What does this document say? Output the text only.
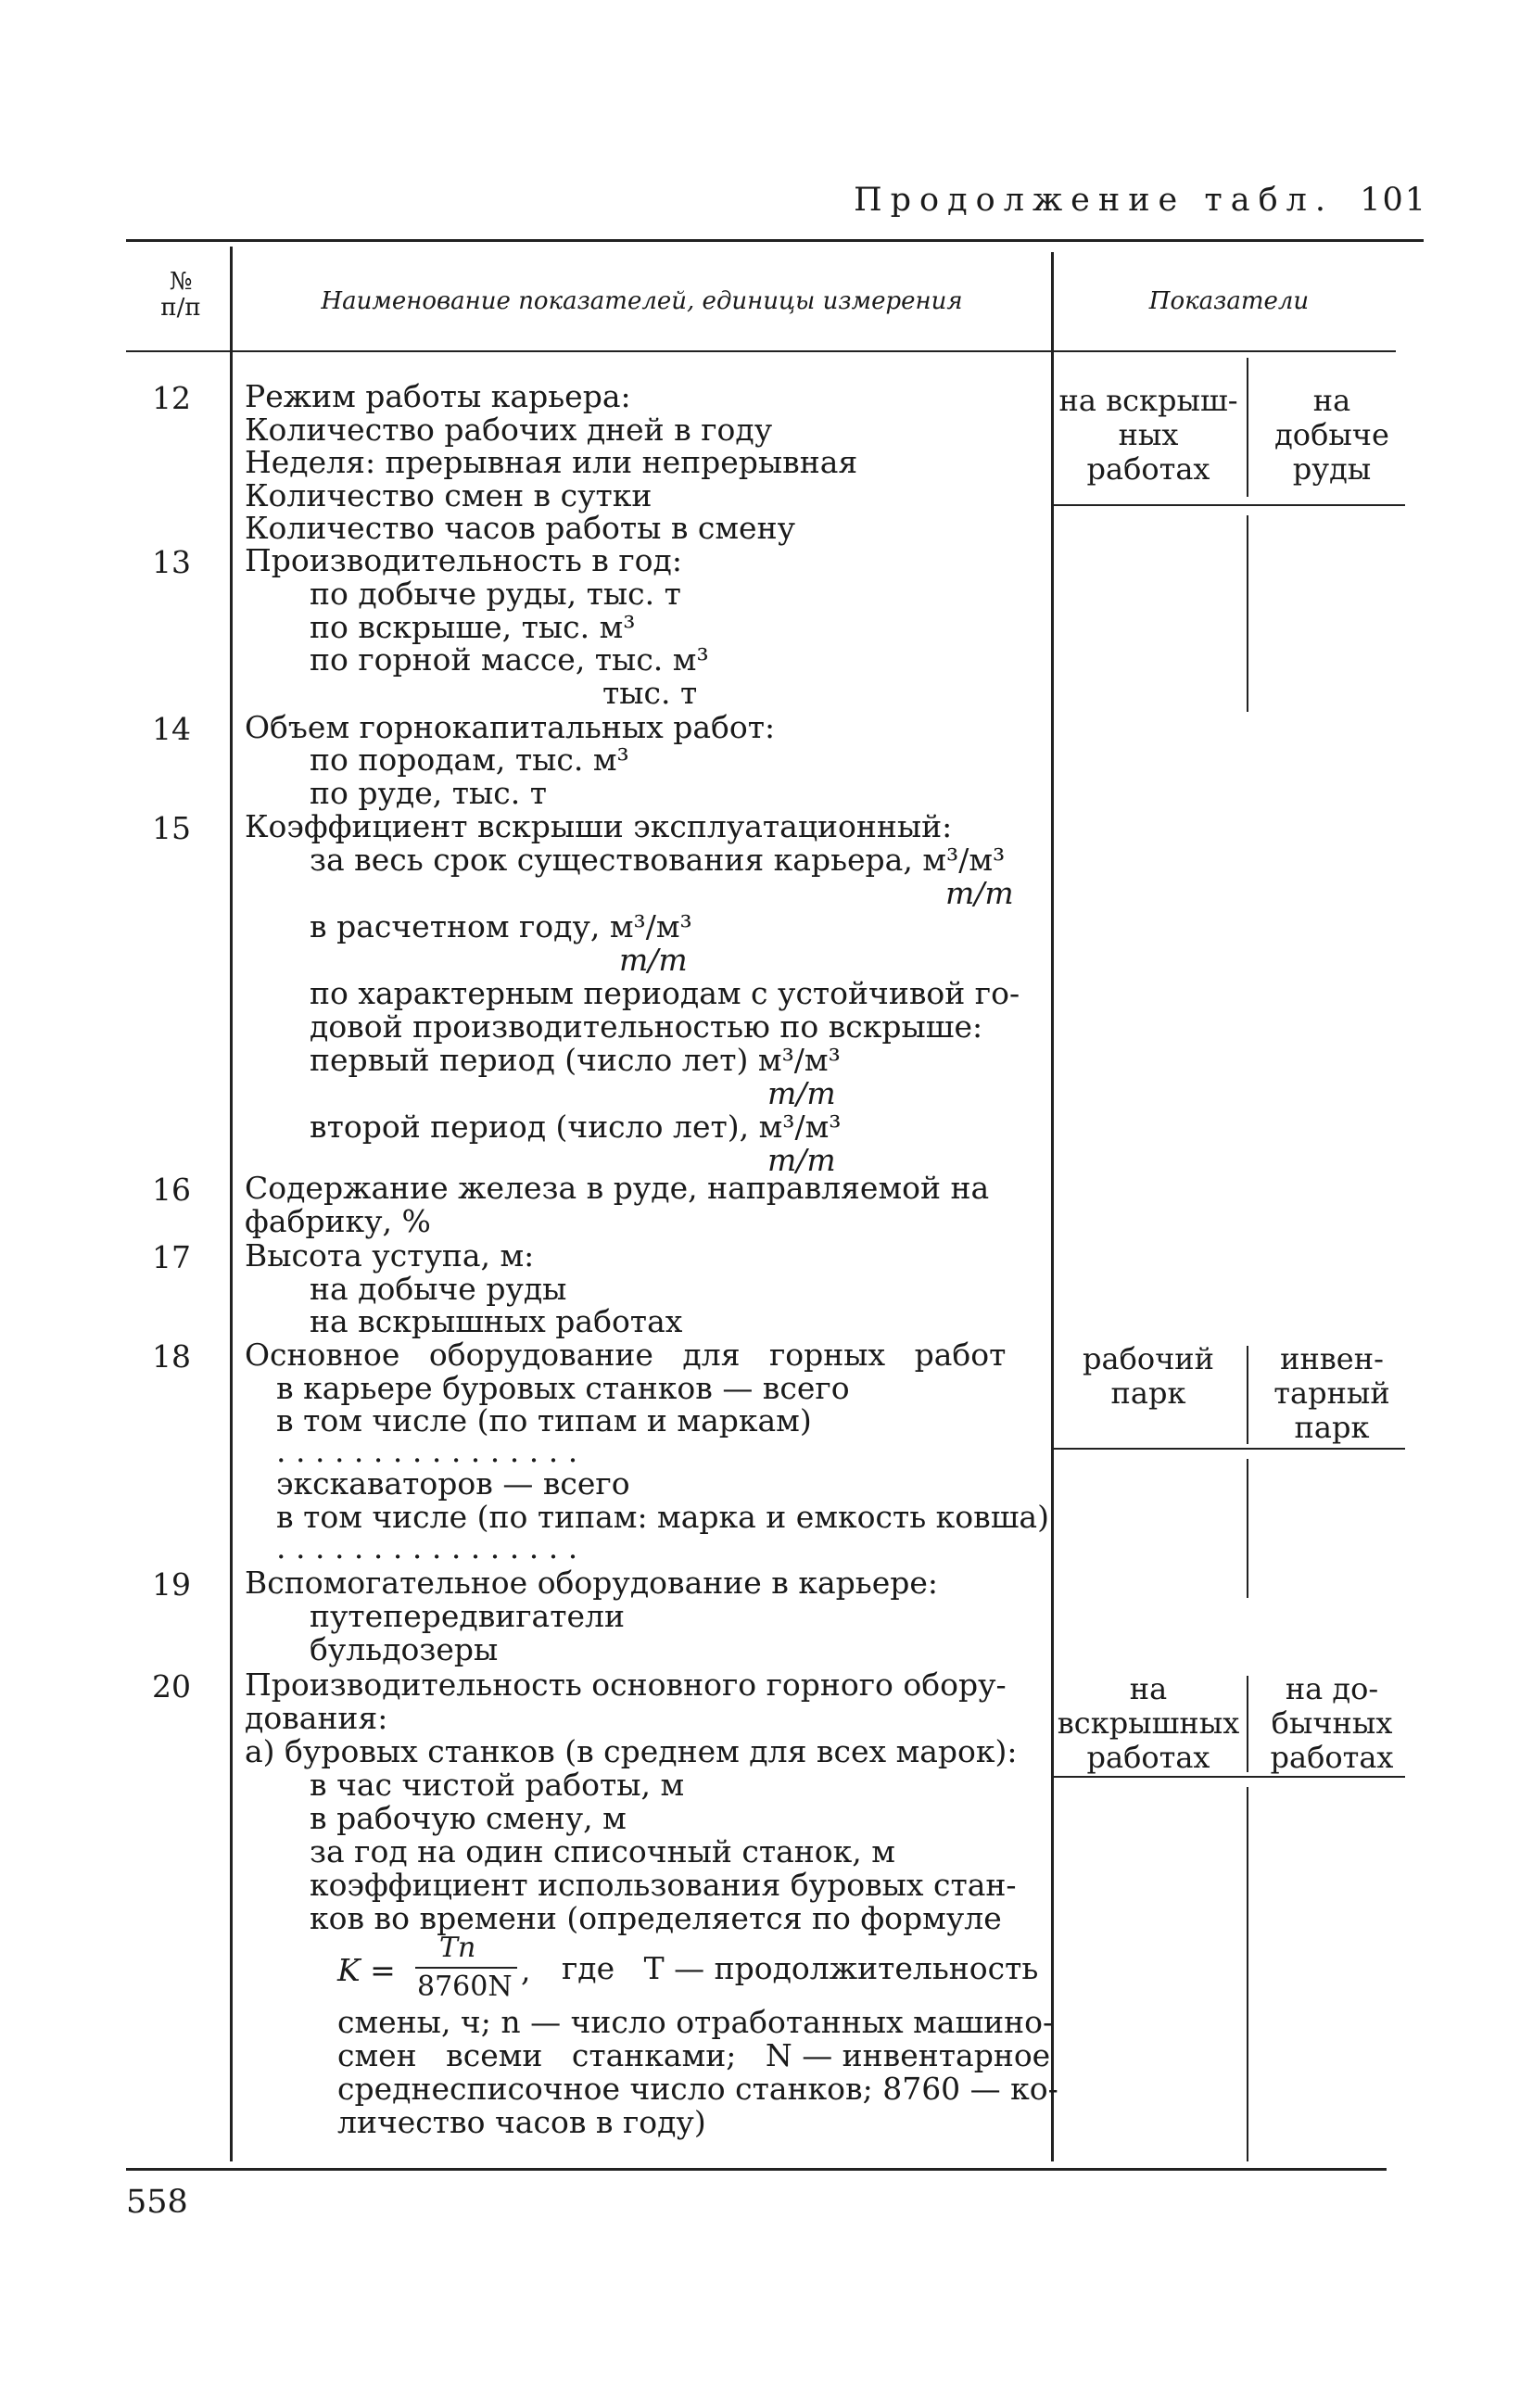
Продолжение табл. 101
№
п/п	Наименование показателей, единицы измерения	Показатели
12
13
14
15
16
17
18
19
20
Режим работы карьера:
Количество рабочих дней в году
Неделя: прерывная или непрерывная
Количество смен в сутки
Количество часов работы в смену
Производительность в год:
по добыче руды, тыс. т
по вскрыше, тыс. м³
по горной массе, тыс. м³
тыс. т
Объем горнокапитальных работ:
по породам, тыс. м³
по руде, тыс. т
Коэффициент вскрыши эксплуатационный:
за весь срок существования карьера, м³/м³
т/т
в расчетном году, м³/м³
т/т
по характерным периодам с устойчивой го-
довой производительностью по вскрыше:
первый период (число лет) м³/м³
т/т
второй период (число лет), м³/м³
т/т
Содержание железа в руде, направляемой на
фабрику, %
Высота уступа, м:
на добыче руды
на вскрышных работах
Основное   оборудование   для   горных   работ
в карьере буровых станков — всего
в том числе (по типам и маркам)
. . . . . . . . . . . . . . . .
экскаваторов — всего
в том числе (по типам: марка и емкость ковша)
. . . . . . . . . . . . . . . .
Вспомогательное оборудование в карьере:
путепередвигатели
бульдозеры
Производительность основного горного обору-
дования:
а) буровых станков (в среднем для всех марок):
в час чистой работы, м
в рабочую смену, м
за год на один списочный станок, м
коэффициент использования буровых стан-
ков во времени (определяется по формуле
K =
Tn
8760N , где   T — продолжительность
смены, ч; n — число отработанных машино-
смен   всеми   станками;   N — инвентарное
среднесписочное число станков; 8760 — ко-
личество часов в году)
на вскрыш-
ных
работах
на
добыче
руды
рабочий
парк
инвен-
тарный
парк
на
вскрышных
работах
на до-
бычных
работах
558
